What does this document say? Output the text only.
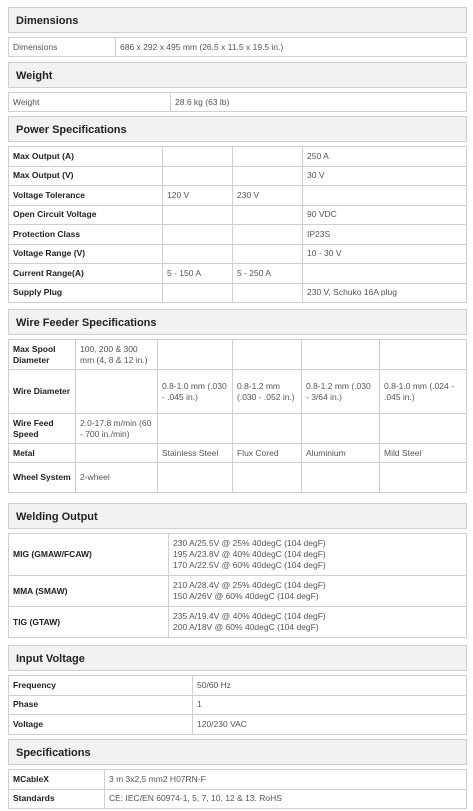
Dimensions
Dimensions	686 x 292 x 495 mm (26.5 x 11.5 x 19.5 in.)
Weight
Weight	28.6 kg (63 lb)
Power Specifications
Max Output (A)			250 A
Max Output (V)			30 V
Voltage Tolerance	120 V	230 V	
Open Circuit Voltage			90 VDC
Protection Class			IP23S
Voltage Range (V)			10 - 30 V
Current Range(A)	5 - 150 A	5 - 250 A	
Supply Plug			230 V, Schuko 16A plug
Wire Feeder Specifications
Max Spool Diameter	100, 200 & 300 mm (4, 8 & 12 in.)				
Wire Diameter		0.8-1.0 mm (.030 - .045 in.)	0.8-1.2 mm (.030 - .052 in.)	0.8-1.2 mm (.030 - 3/64 in.)	0.8-1.0 mm (.024 - .045 in.)
Wire Feed Speed	2.0-17.8 m/min (60 - 700 in./min)				
Metal		Stainless Steel	Flux Cored	Aluminium	Mild Steel
Wheel System	2-wheel				
Welding Output
MIG (GMAW/FCAW)	230 A/25.5V @ 25% 40degC (104 degF)
195 A/23.8V @ 40% 40degC (104 degF)
170 A/22.5V @ 60% 40degC (104 degF)

MMA (SMAW)	210 A/28.4V @ 25% 40degC (104 degF)
150 A/26V @ 60% 40degC (104 degF)

TIG (GTAW)	235 A/19.4V @ 40% 40degC (104 degF)
200 A/18V @ 60% 40degC (104 degF)
Input Voltage
Frequency	50/60 Hz
Phase	1
Voltage	120/230 VAC
Specifications
MCableX	3 m 3x2,5 mm2 H07RN-F
Standards	CE: IEC/EN 60974-1, 5, 7, 10, 12 & 13. RoHS
